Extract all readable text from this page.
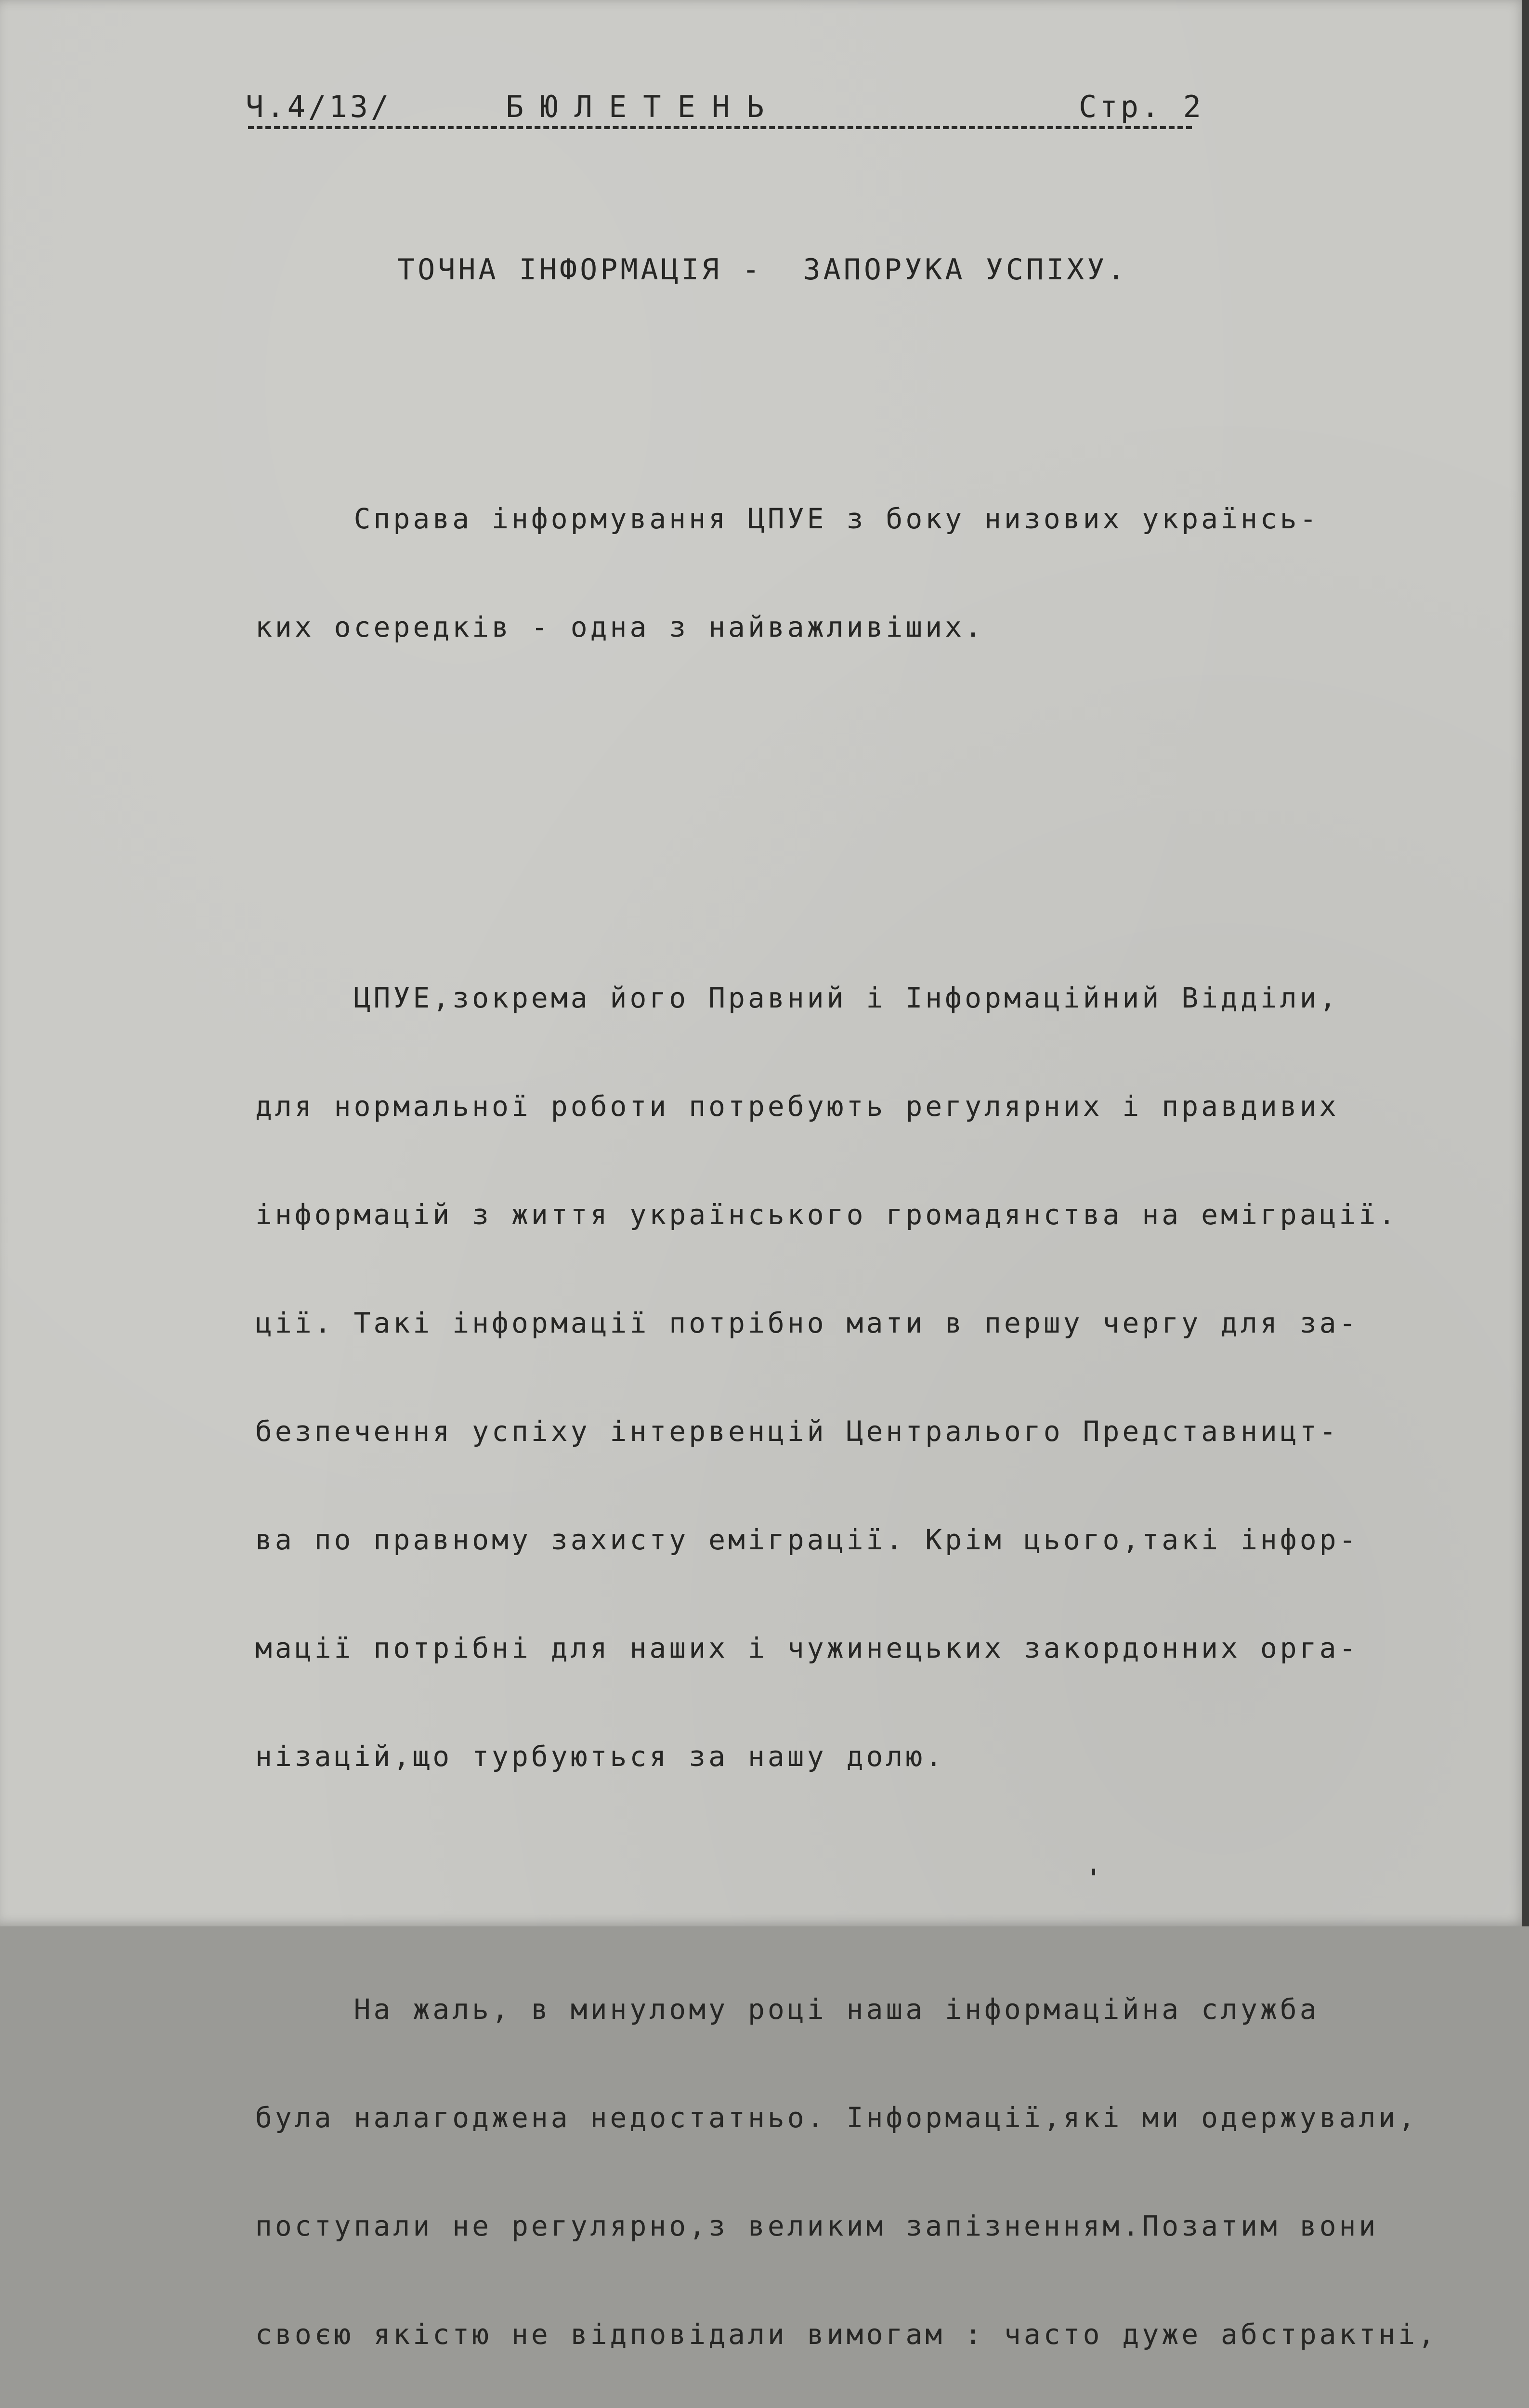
Ч.4/13/	БЮЛЕТЕНЬ	Стр. 2
ТОЧНА ІНФОРМАЦІЯ -  ЗАПОРУКА УСПІХУ.

Справа інформування ЦПУЕ з боку низових українсь-

ких осередків - одна з найважливіших.

ЦПУЕ,зокрема його Правний і Інформаційний Відділи,

для нормальної роботи потребують регулярних і правдивих

інформацій з життя українського громадянства на еміграції.

ції. Такі інформації потрібно мати в першу чергу для за-

безпечення успіху інтервенцій Централього Представницт-

ва по правному захисту еміграції. Крім цього,такі інфор-

мації потрібні для наших і чужинецьких закордонних орга-

нізацій,що турбуються за нашу долю.

На жаль, в минулому році наша інформаційна служба

була налагоджена недостатньо. Інформації,які ми одержували,

поступали не регулярно,з великим запізненням.Позатим вони

своєю якістю не відповідали вимогам : часто дуже абстрактні,
